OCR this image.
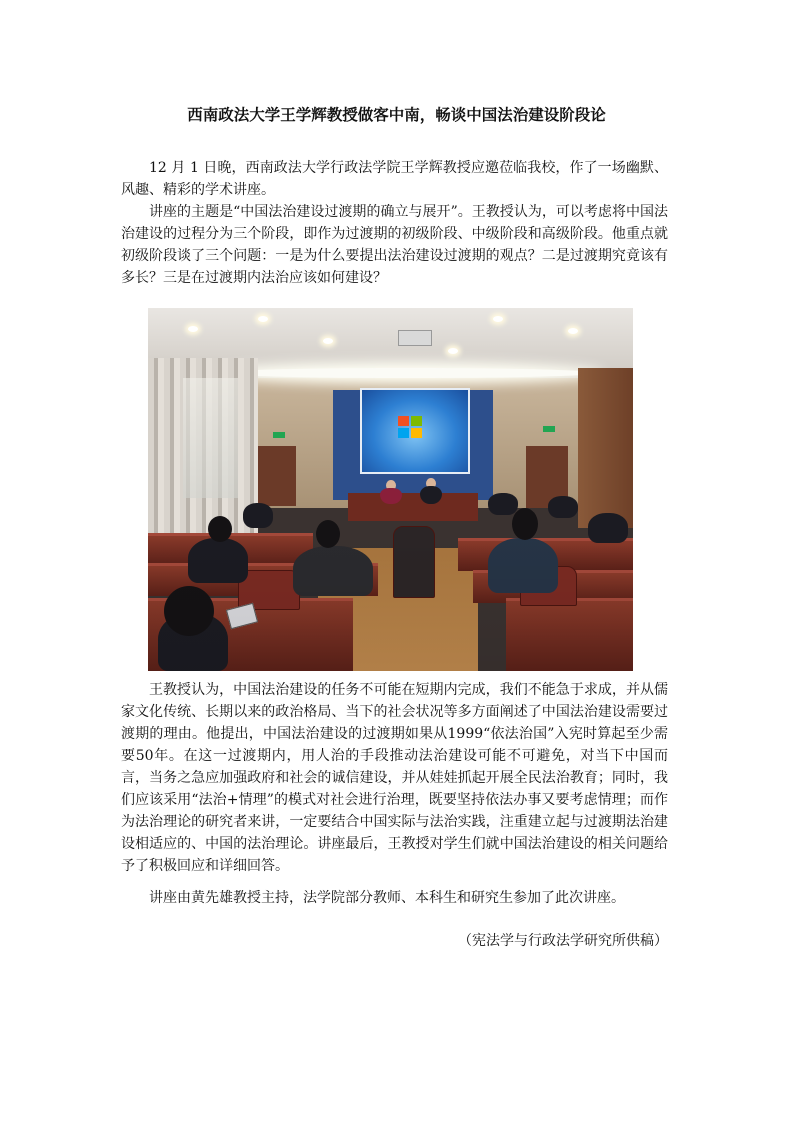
西南政法大学王学辉教授做客中南，畅谈中国法治建设阶段论

12 月 1 日晚，西南政法大学行政法学院王学辉教授应邀莅临我校，作了一场幽默、风趣、精彩的学术讲座。

讲座的主题是“中国法治建设过渡期的确立与展开”。王教授认为，可以考虑将中国法治建设的过程分为三个阶段，即作为过渡期的初级阶段、中级阶段和高级阶段。他重点就初级阶段谈了三个问题：一是为什么要提出法治建设过渡期的观点？二是过渡期究竟该有多长？三是在过渡期内法治应该如何建设？

王教授认为，中国法治建设的任务不可能在短期内完成，我们不能急于求成，并从儒家文化传统、长期以来的政治格局、当下的社会状况等多方面阐述了中国法治建设需要过渡期的理由。他提出，中国法治建设的过渡期如果从1999“依法治国”入宪时算起至少需要50年。在这一过渡期内，用人治的手段推动法治建设可能不可避免，对当下中国而言，当务之急应加强政府和社会的诚信建设，并从娃娃抓起开展全民法治教育；同时，我们应该采用“法治+情理”的模式对社会进行治理，既要坚持依法办事又要考虑情理；而作为法治理论的研究者来讲，一定要结合中国实际与法治实践，注重建立起与过渡期法治建设相适应的、中国的法治理论。讲座最后，王教授对学生们就中国法治建设的相关问题给予了积极回应和详细回答。

讲座由黄先雄教授主持，法学院部分教师、本科生和研究生参加了此次讲座。

（宪法学与行政法学研究所供稿）
